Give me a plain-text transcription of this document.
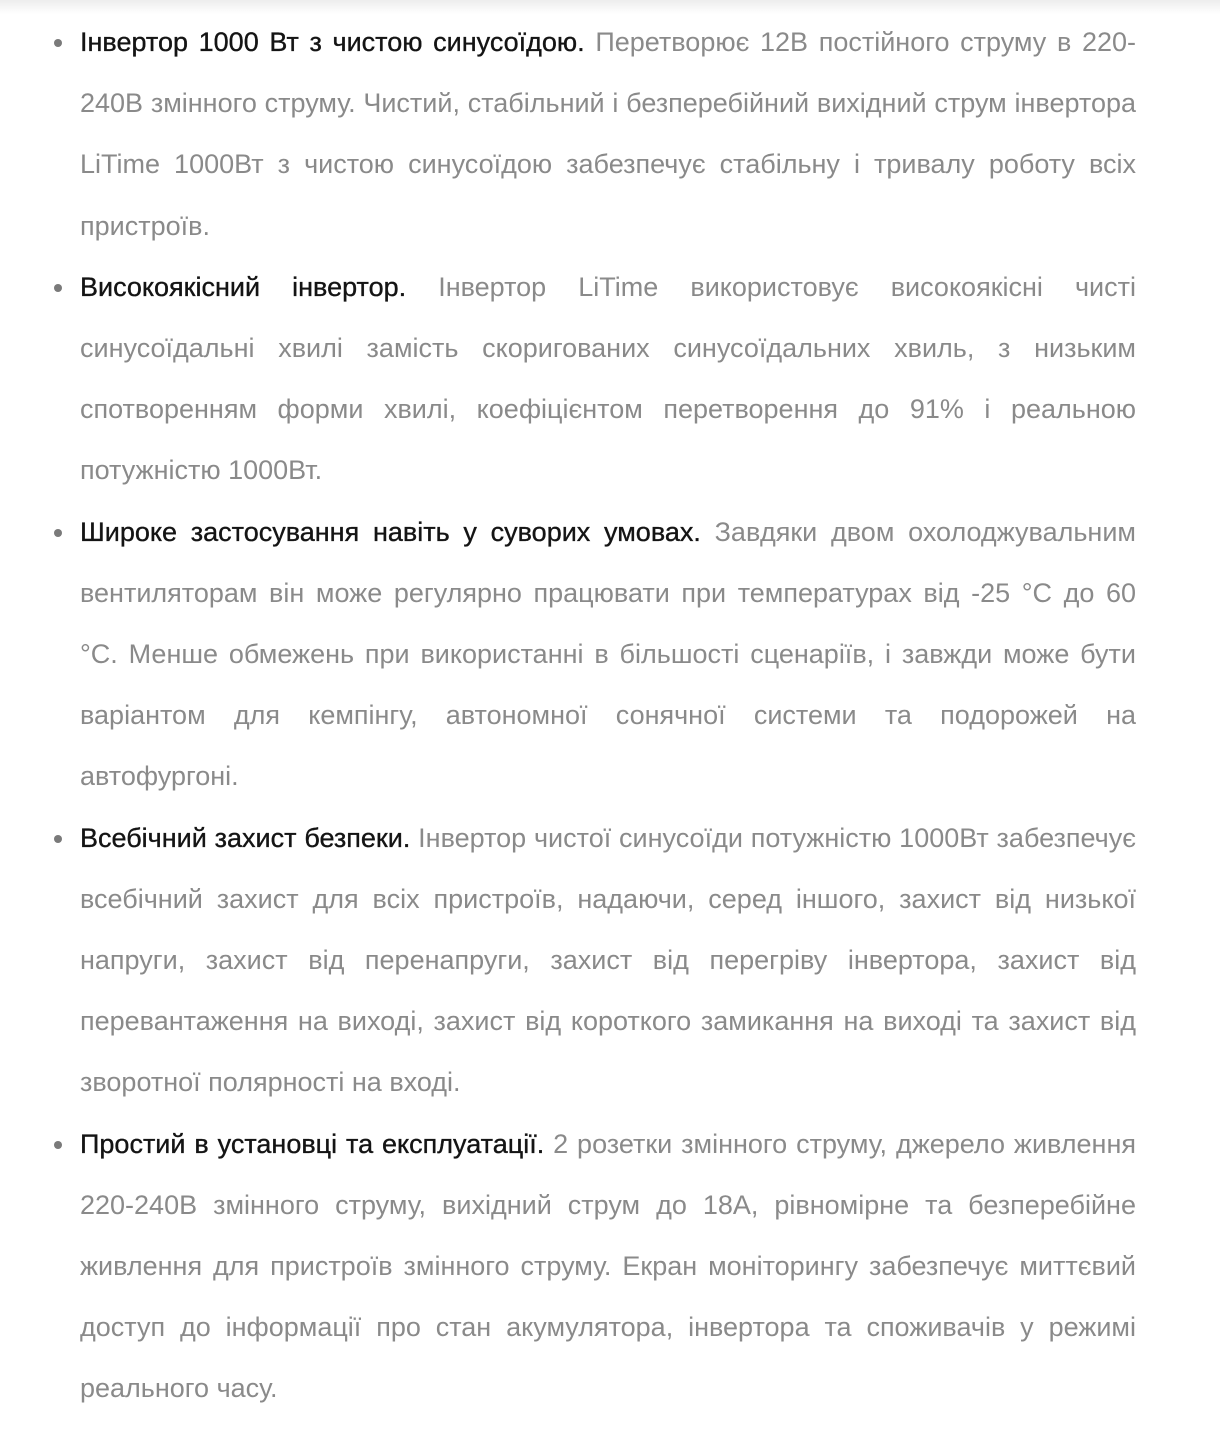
Інвертор 1000 Вт з чистою синусоїдою. Перетворює 12В постійного струму в 220-240В змінного струму. Чистий, стабільний і безперебійний вихідний струм інвертора LiTime 1000Вт з чистою синусоїдою забезпечує стабільну і тривалу роботу всіх пристроїв.
Високоякісний інвертор. Інвертор LiTime використовує високоякісні чисті синусоїдальні хвилі замість скоригованих синусоїдальних хвиль, з низьким спотворенням форми хвилі, коефіцієнтом перетворення до 91% і реальною потужністю 1000Вт.
Широке застосування навіть у суворих умовах. Завдяки двом охолоджувальним вентиляторам він може регулярно працювати при температурах від -25 °C до 60 °C. Менше обмежень при використанні в більшості сценаріїв, і завжди може бути варіантом для кемпінгу, автономної сонячної системи та подорожей на автофургоні.
Всебічний захист безпеки. Інвертор чистої синусоїди потужністю 1000Вт забезпечує всебічний захист для всіх пристроїв, надаючи, серед іншого, захист від низької напруги, захист від перенапруги, захист від перегріву інвертора, захист від перевантаження на виході, захист від короткого замикання на виході та захист від зворотної полярності на вході.
Простий в установці та експлуатації. 2 розетки змінного струму, джерело живлення 220-240В змінного струму, вихідний струм до 18А, рівномірне та безперебійне живлення для пристроїв змінного струму. Екран моніторингу забезпечує миттєвий доступ до інформації про стан акумулятора, інвертора та споживачів у режимі реального часу.
